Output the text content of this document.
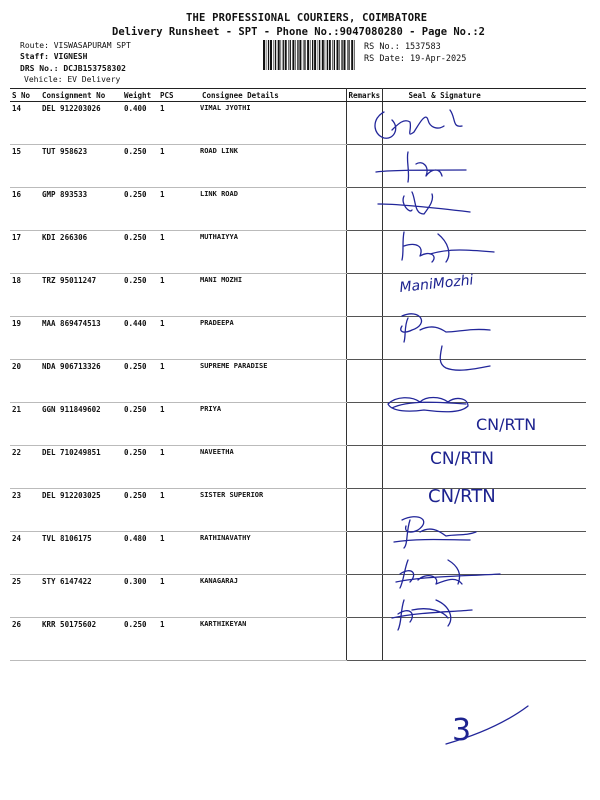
THE PROFESSIONAL COURIERS, COIMBATORE
Delivery Runsheet - SPT - Phone No.:9047080280 - Page No.:2
Route: VISWASAPURAM SPT
Staff: VIGNESH
DRS No.: DCJB153758302
Vehicle: EV Delivery
RS No.: 1537583
RS Date: 19-Apr-2025
S No	Consignment No	Weight	PCS	Consignee Details	Remarks	Seal & Signature
14	DEL 912203026	0.400	1	VIMAL JYOTHI		
15	TUT 958623	0.250	1	ROAD LINK		
16	GMP 893533	0.250	1	LINK ROAD		
17	KDI 266306	0.250	1	MUTHAIYYA		
18	TRZ 95011247	0.250	1	MANI MOZHI		
19	MAA 869474513	0.440	1	PRADEEPA		
20	NDA 906713326	0.250	1	SUPREME PARADISE		
21	GGN 911849602	0.250	1	PRIYA		
22	DEL 710249851	0.250	1	NAVEETHA		
23	DEL 912203025	0.250	1	SISTER SUPERIOR		
24	TVL 8106175	0.480	1	RATHINAVATHY		
25	STY 6147422	0.300	1	KANAGARAJ		
26	KRR 50175602	0.250	1	KARTHIKEYAN		
ManiMozhi
CN/RTN
CN/RTN
CN/RTN
3
